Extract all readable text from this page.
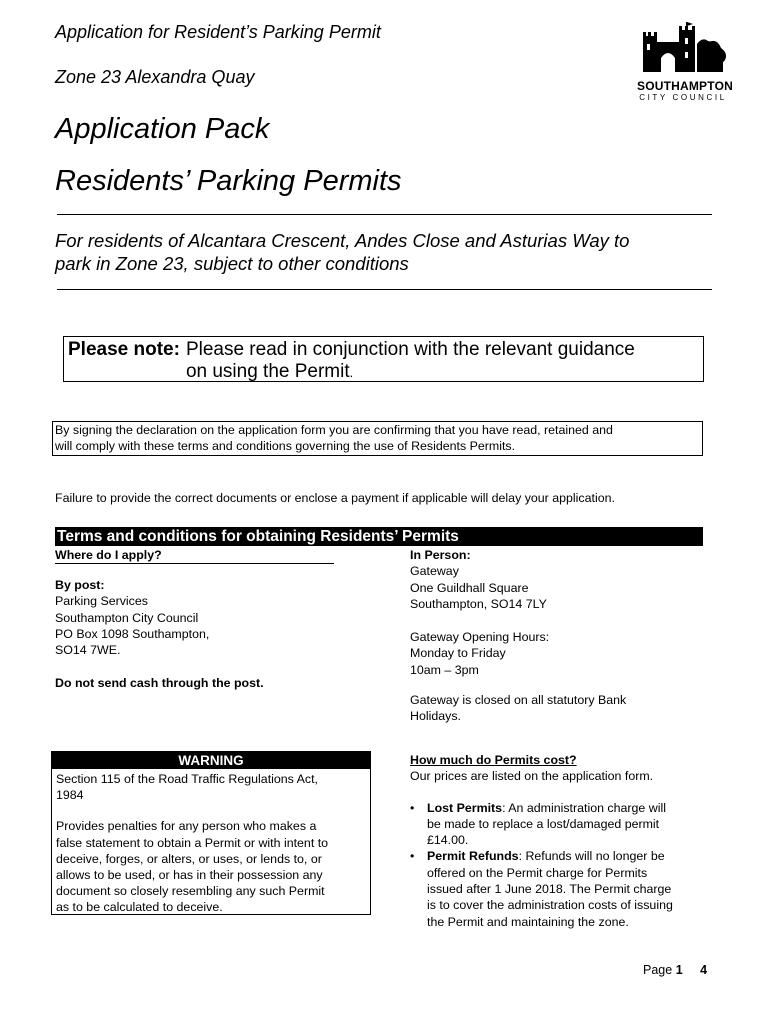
Application for Resident’s Parking Permit
Zone 23 Alexandra Quay	SOUTHAMPTON
CITY COUNCIL
Application Pack
Residents’ Parking Permits
For residents of Alcantara Crescent, Andes Close and Asturias Way to
park in Zone 23, subject to other conditions
Please note: Please read in conjunction with the relevant guidance
on using the Permit.
By signing the declaration on the application form you are confirming that you have read, retained and
will comply with these terms and conditions governing the use of Residents Permits.
Failure to provide the correct documents or enclose a payment if applicable will delay your application.
Terms and conditions for obtaining Residents’ Permits
Where do I apply?
By post:
Parking Services
Southampton City Council
PO Box 1098 Southampton,
SO14 7WE.
Do not send cash through the post.
In Person:
Gateway
One Guildhall Square
Southampton, SO14 7LY
Gateway Opening Hours:
Monday to Friday
10am – 3pm
Gateway is closed on all statutory Bank
Holidays.
WARNING
Section 115 of the Road Traffic Regulations Act,
1984
Provides penalties for any person who makes a
false statement to obtain a Permit or with intent to
deceive, forges, or alters, or uses, or lends to, or
allows to be used, or has in their possession any
document so closely resembling any such Permit
as to be calculated to deceive.
How much do Permits cost?
Our prices are listed on the application form.
• Lost Permits: An administration charge will
be made to replace a lost/damaged permit
£14.00.
• Permit Refunds: Refunds will no longer be
offered on the Permit charge for Permits
issued after 1 June 2018. The Permit charge
is to cover the administration costs of issuing
the Permit and maintaining the zone.
Page 1 4
